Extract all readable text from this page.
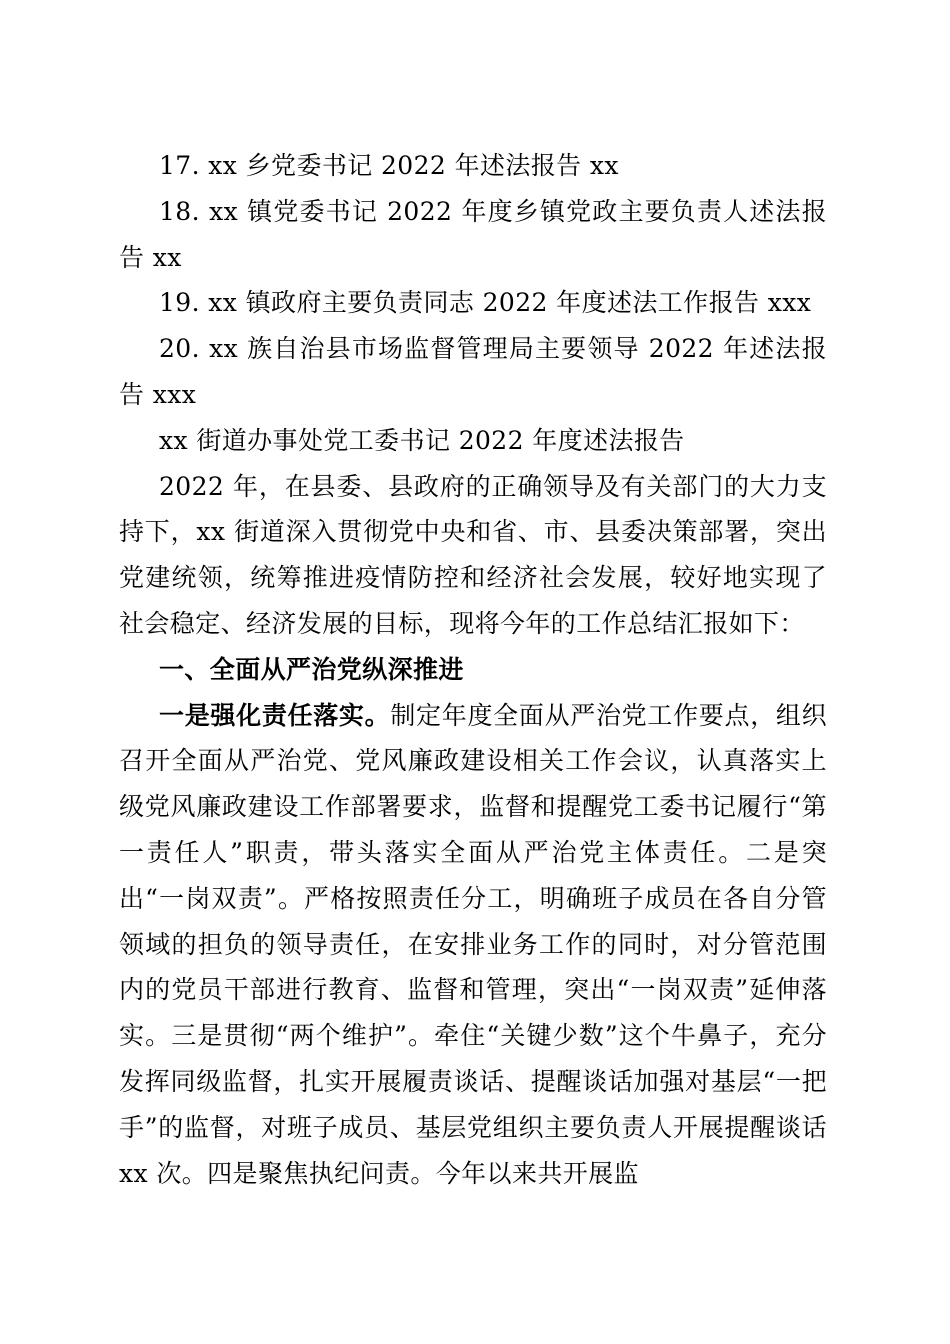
17. xx 乡党委书记 2022 年述法报告 xx

18. xx 镇党委书记 2022 年度乡镇党政主要负责人述法报告 xx

19. xx 镇政府主要负责同志 2022 年度述法工作报告 xxx

20. xx 族自治县市场监督管理局主要领导 2022 年述法报告 xxx

xx 街道办事处党工委书记 2022 年度述法报告

2022 年，在县委、县政府的正确领导及有关部门的大力支持下，xx 街道深入贯彻党中央和省、市、县委决策部署，突出党建统领，统筹推进疫情防控和经济社会发展，较好地实现了社会稳定、经济发展的目标，现将今年的工作总结汇报如下：

一、全面从严治党纵深推进

一是强化责任落实。制定年度全面从严治党工作要点，组织召开全面从严治党、党风廉政建设相关工作会议，认真落实上级党风廉政建设工作部署要求，监督和提醒党工委书记履行“第一责任人”职责，带头落实全面从严治党主体责任。二是突出“一岗双责”。严格按照责任分工，明确班子成员在各自分管领域的担负的领导责任，在安排业务工作的同时，对分管范围内的党员干部进行教育、监督和管理，突出“一岗双责”延伸落实。三是贯彻“两个维护”。牵住“关键少数”这个牛鼻子，充分发挥同级监督，扎实开展履责谈话、提醒谈话加强对基层“一把手”的监督，对班子成员、基层党组织主要负责人开展提醒谈话 xx 次。四是聚焦执纪问责。今年以来共开展监
